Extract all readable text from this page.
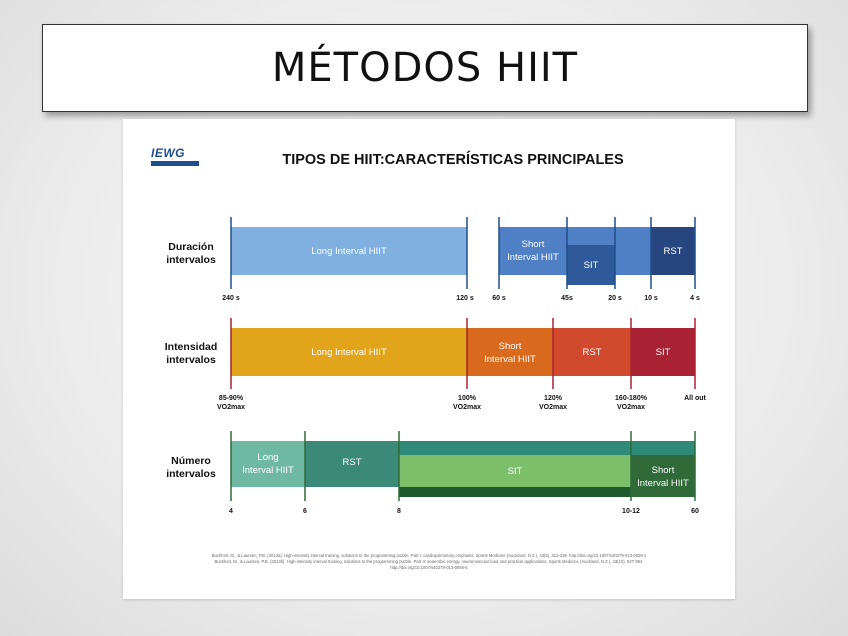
MÉTODOS HIIT
IEWG	TIPOS DE HIIT:CARACTERÍSTICAS PRINCIPALES
Duración
intervalos
Intensidad
intervalos
Número
intervalos
Long Interval HIIT
Short
Interval HIIT
SIT
RST
Long Interval HIIT
Short
Interval HIIT
RST	SIT
Long
Interval HIIT
RST
SIT	Short
Interval HIIT
240 s	120 s	60 s	45s	20 s	10 s	4 s
85-90%
VO2max
100%
VO2max
120%
VO2max
160-180%
VO2max
All out
4	6	8	10-12	60
Buchheit, M., & Laursen, P.B. (2013a). High-intensity interval training, solutions to the programming puzzle. Part I: cardiopulmonary emphasis. Sports Medicine (Auckland, N.Z.), 43(5), 313-338. http://doi.org/10.1007/s40279-013-0029-x
Buchheit, M., & Laursen, P.B. (2013b). High-intensity interval training, solutions to the programming puzzle. Part II: anaerobic energy, neuromuscular load and practical applications. Sports Medicine (Auckland, N.Z.), 43(10), 927-954.
http://doi.org/10.1007/s40279-013-0066-5
